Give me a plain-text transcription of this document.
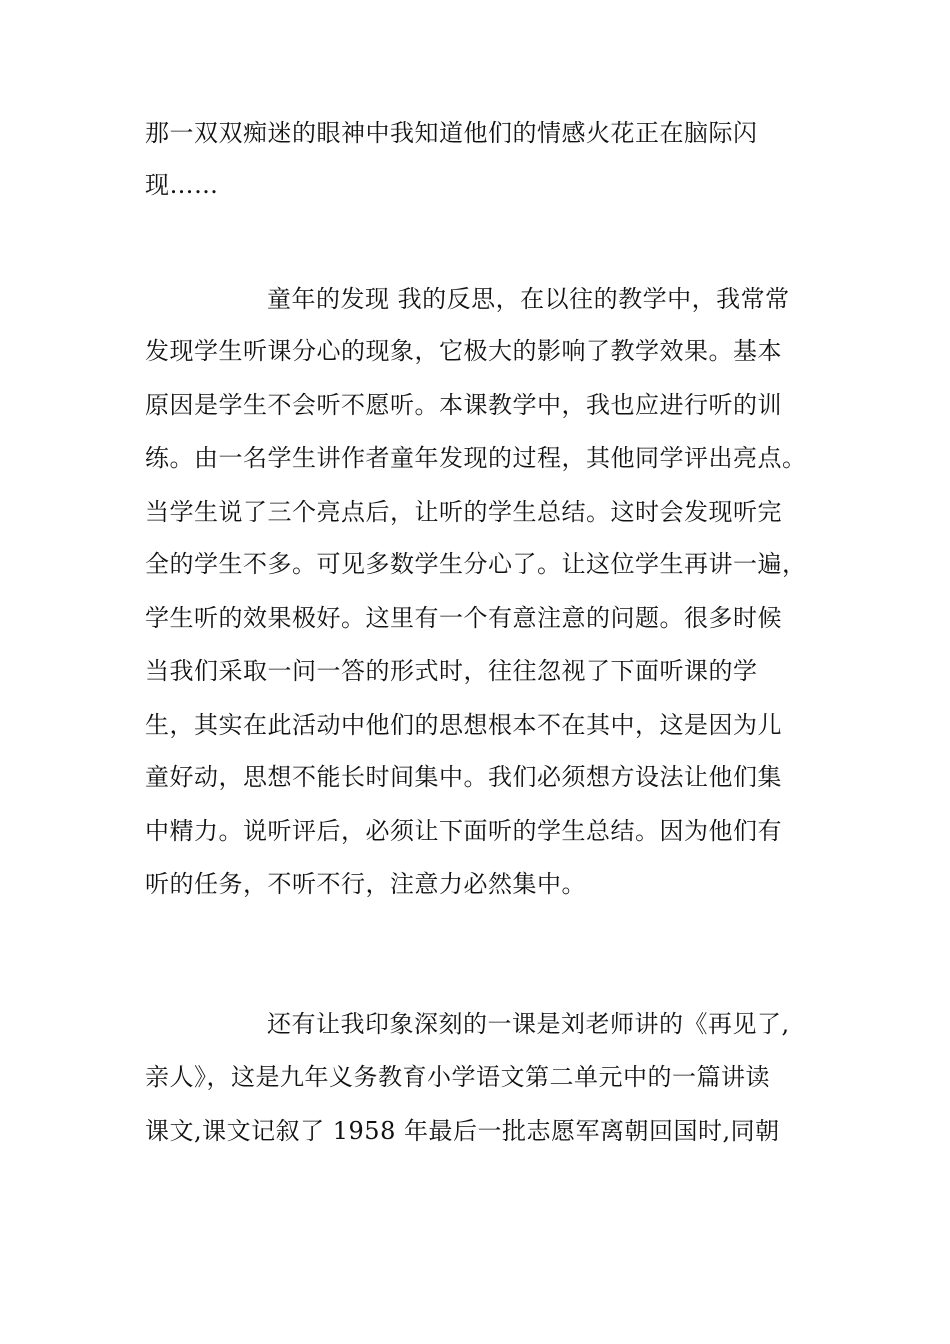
那一双双痴迷的眼神中我知道他们的情感火花正在脑际闪
现……
童年的发现 我的反思，在以往的教学中，我常常
发现学生听课分心的现象，它极大的影响了教学效果。基本
原因是学生不会听不愿听。本课教学中，我也应进行听的训
练。由一名学生讲作者童年发现的过程，其他同学评出亮点。
当学生说了三个亮点后，让听的学生总结。这时会发现听完
全的学生不多。可见多数学生分心了。让这位学生再讲一遍，
学生听的效果极好。这里有一个有意注意的问题。很多时候
当我们采取一问一答的形式时，往往忽视了下面听课的学
生，其实在此活动中他们的思想根本不在其中，这是因为儿
童好动，思想不能长时间集中。我们必须想方设法让他们集
中精力。说听评后，必须让下面听的学生总结。因为他们有
听的任务，不听不行，注意力必然集中。
还有让我印象深刻的一课是刘老师讲的《再见了,
亲人》，这是九年义务教育小学语文第二单元中的一篇讲读
课文,课文记叙了 1958 年最后一批志愿军离朝回国时,同朝
